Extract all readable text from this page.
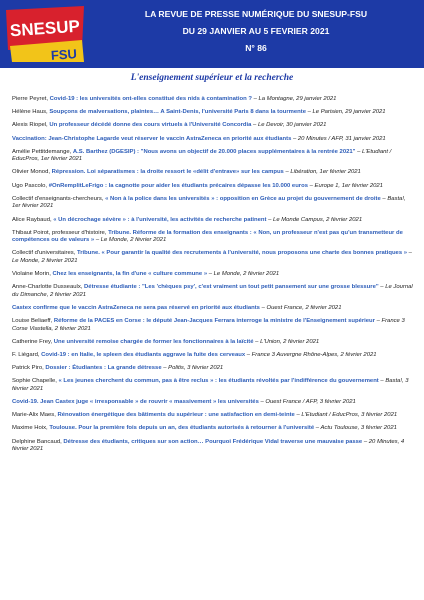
SNESUP
FSU
LA REVUE DE PRESSE NUMÉRIQUE DU SNESUP-FSU
DU 29 JANVIER AU 5 FEVRIER 2021
N° 86
L'enseignement supérieur et la recherche
Pierre Peyret, Covid-19 : les universités ont-elles constitué des nids à contamination ? – La Montagne, 29 janvier 2021
Hélène Haus, Soupçons de malversations, plaintes… A Saint-Denis, l'université Paris 8 dans la tourmente – Le Parisien, 29 janvier 2021
Alexis Riopel, Un professeur décédé donne des cours virtuels à l'Université Concordia – Le Devoir, 30 janvier 2021
Vaccination: Jean-Christophe Lagarde veut réserver le vaccin AstraZeneca en priorité aux étudiants – 20 Minutes / AFP, 31 janvier 2021
Amélie Pettitdemange, A.S. Barthez (DGESIP) : "Nous avons un objectif de 20.000 places supplémentaires à la rentrée 2021" – L'Etudiant / EducPros, 1er février 2021
Olivier Monod, Répression. Loi séparatismes : la droite ressort le «délit d'entrave» sur les campus – Libération, 1er février 2021
Ugo Pascolo, #OnRemplitLeFrigo : la cagnotte pour aider les étudiants précaires dépasse les 10.000 euros – Europe 1, 1er février 2021
Collectif d'enseignants-chercheurs, « Non à la police dans les universités » : opposition en Grèce au projet du gouvernement de droite – Basta!, 1er février 2021
Alice Raybaud, « Un décrochage sévère » : à l'université, les activités de recherche patinent – Le Monde Campus, 2 février 2021
Thibaut Poirot, professeur d'histoire, Tribune. Réforme de la formation des enseignants : « Non, un professeur n'est pas qu'un transmetteur de compétences ou de valeurs » – Le Monde, 2 février 2021
Collectif d'universitaires, Tribune. « Pour garantir la qualité des recrutements à l'université, nous proposons une charte des bonnes pratiques » – Le Monde, 2 février 2021
Violaine Morin, Chez les enseignants, la fin d'une « culture commune » – Le Monde, 2 février 2021
Anne-Charlotte Dusseaulx, Détresse étudiante : "Les 'chèques psy', c'est vraiment un tout petit pansement sur une grosse blessure" – Le Journal du Dimanche, 2 février 2021
Castex confirme que le vaccin AstraZeneca ne sera pas réservé en priorité aux étudiants – Ouest France, 2 février 2021
Louise Beliaeff, Réforme de la PACES en Corse : le député Jean-Jacques Ferrara interroge la ministre de l'Enseignement supérieur – France 3 Corse Viastella, 2 février 2021
Catherine Frey, Une université remoise chargée de former les fonctionnaires à la laïcité – L'Union, 2 février 2021
F. Liégard, Covid-19 : en Italie, le spleen des étudiants aggrave la fuite des cerveaux – France 3 Auvergne Rhône-Alpes, 2 février 2021
Patrick Piro, Dossier : Étudiantes : La grande détresse – Politis, 3 février 2021
Sophie Chapelle, « Les jeunes cherchent du commun, pas à être reclus » : les étudiants révoltés par l'indifférence du gouvernement – Basta!, 3 février 2021
Covid-19. Jean Castex juge « irresponsable » de rouvrir « massivement » les universités – Ouest France / AFP, 3 février 2021
Marie-Alix Maes, Rénovation énergétique des bâtiments du supérieur : une satisfaction en demi-teinte – L'Etudiant / EducPros, 3 février 2021
Maxime Hoix, Toulouse. Pour la première fois depuis un an, des étudiants autorisés à retourner à l'université – Actu Toulouse, 3 février 2021
Delphine Bancaud, Détresse des étudiants, critiques sur son action… Pourquoi Frédérique Vidal traverse une mauvaise passe – 20 Minutes, 4 février 2021
